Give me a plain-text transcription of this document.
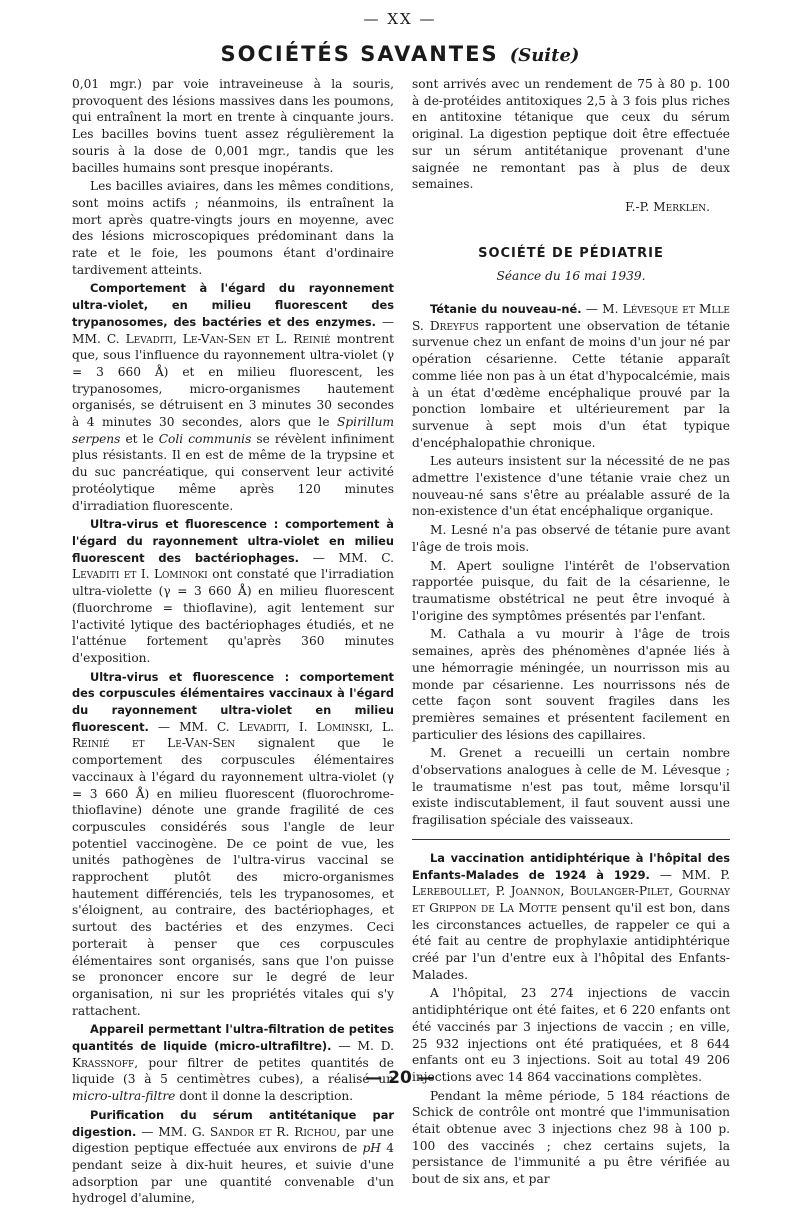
— XX —
SOCIÉTÉS SAVANTES (Suite)

0,01 mgr.) par voie intraveineuse à la souris, provoquent des lésions massives dans les poumons, qui entraînent la mort en trente à cinquante jours. Les bacilles bovins tuent assez régulièrement la souris à la dose de 0,001 mgr., tandis que les bacilles humains sont presque inopérants.

Les bacilles aviaires, dans les mêmes conditions, sont moins actifs ; néanmoins, ils entraînent la mort après quatre-vingts jours en moyenne, avec des lésions microscopiques prédominant dans la rate et le foie, les poumons étant d'ordinaire tardivement atteints.

Comportement à l'égard du rayonnement ultra-violet, en milieu fluorescent des trypanosomes, des bactéries et des enzymes. — MM. C. Levaditi, Le-Van-Sen et L. Reinié montrent que, sous l'influence du rayonnement ultra-violet (γ = 3 660 Å) et en milieu fluorescent, les trypanosomes, micro-organismes hautement organisés, se détruisent en 3 minutes 30 secondes à 4 minutes 30 secondes, alors que le Spirillum serpens et le Coli communis se révèlent infiniment plus résistants. Il en est de même de la trypsine et du suc pancréatique, qui conservent leur activité protéolytique même après 120 minutes d'irradiation fluorescente.

Ultra-virus et fluorescence : comportement à l'égard du rayonnement ultra-violet en milieu fluorescent des bactériophages. — MM. C. Levaditi et I. Lominoki ont constaté que l'irradiation ultra-violette (γ = 3 660 Å) en milieu fluorescent (fluorchrome = thioflavine), agit lentement sur l'activité lytique des bactériophages étudiés, et ne l'atténue fortement qu'après 360 minutes d'exposition.

Ultra-virus et fluorescence : comportement des corpuscules élémentaires vaccinaux à l'égard du rayonnement ultra-violet en milieu fluorescent. — MM. C. Levaditi, I. Lominski, L. Reinié et Le-Van-Sen signalent que le comportement des corpuscules élémentaires vaccinaux à l'égard du rayonnement ultra-violet (γ = 3 660 Å) en milieu fluorescent (fluorochrome-thioflavine) dénote une grande fragilité de ces corpuscules considérés sous l'angle de leur potentiel vaccinogène. De ce point de vue, les unités pathogènes de l'ultra-virus vaccinal se rapprochent plutôt des micro-organismes hautement différenciés, tels les trypanosomes, et s'éloignent, au contraire, des bactériophages, et surtout des bactéries et des enzymes. Ceci porterait à penser que ces corpuscules élémentaires sont organisés, sans que l'on puisse se prononcer encore sur le degré de leur organisation, ni sur les propriétés vitales qui s'y rattachent.

Appareil permettant l'ultra-filtration de petites quantités de liquide (micro-ultrafiltre). — M. D. Krassnoff, pour filtrer de petites quantités de liquide (3 à 5 centimètres cubes), a réalisé un micro-ultra-filtre dont il donne la description.

Purification du sérum antitétanique par digestion. — MM. G. Sandor et R. Richou, par une digestion peptique effectuée aux environs de pH 4 pendant seize à dix-huit heures, et suivie d'une adsorption par une quantité convenable d'un hydrogel d'alumine,

sont arrivés avec un rendement de 75 à 80 p. 100 à de-protéides antitoxiques 2,5 à 3 fois plus riches en antitoxine tétanique que ceux du sérum original. La digestion peptique doit être effectuée sur un sérum antitétanique provenant d'une saignée ne remontant pas à plus de deux semaines.

F.-P. Merklen.

SOCIÉTÉ DE PÉDIATRIE

Séance du 16 mai 1939.

Tétanie du nouveau-né. — M. Lévesque et Mlle S. Dreyfus rapportent une observation de tétanie survenue chez un enfant de moins d'un jour né par opération césarienne. Cette tétanie apparaît comme liée non pas à un état d'hypocalcémie, mais à un état d'œdème encéphalique prouvé par la ponction lombaire et ultérieurement par la survenue à sept mois d'un état typique d'encéphalopathie chronique.

Les auteurs insistent sur la nécessité de ne pas admettre l'existence d'une tétanie vraie chez un nouveau-né sans s'être au préalable assuré de la non-existence d'un état encéphalique organique.

M. Lesné n'a pas observé de tétanie pure avant l'âge de trois mois.

M. Apert souligne l'intérêt de l'observation rapportée puisque, du fait de la césarienne, le traumatisme obstétrical ne peut être invoqué à l'origine des symptômes présentés par l'enfant.

M. Cathala a vu mourir à l'âge de trois semaines, après des phénomènes d'apnée liés à une hémorragie méningée, un nourrisson mis au monde par césarienne. Les nourrissons nés de cette façon sont souvent fragiles dans les premières semaines et présentent facilement en particulier des lésions des capillaires.

M. Grenet a recueilli un certain nombre d'observations analogues à celle de M. Lévesque ; le traumatisme n'est pas tout, même lorsqu'il existe indiscutablement, il faut souvent aussi une fragilisation spéciale des vaisseaux.

La vaccination antidiphtérique à l'hôpital des Enfants-Malades de 1924 à 1929. — MM. P. Lereboullet, P. Joannon, Boulanger-Pilet, Gournay et Grippon de La Motte pensent qu'il est bon, dans les circonstances actuelles, de rappeler ce qui a été fait au centre de prophylaxie antidiphtérique créé par l'un d'entre eux à l'hôpital des Enfants-Malades.

A l'hôpital, 23 274 injections de vaccin antidiphtérique ont été faites, et 6 220 enfants ont été vaccinés par 3 injections de vaccin ; en ville, 25 932 injections ont été pratiquées, et 8 644 enfants ont eu 3 injections. Soit au total 49 206 injections avec 14 864 vaccinations complètes.

Pendant la même période, 5 184 réactions de Schick de contrôle ont montré que l'immunisation était obtenue avec 3 injections chez 98 à 100 p. 100 des vaccinés ; chez certains sujets, la persistance de l'immunité a pu être vérifiée au bout de six ans, et par

— 20 —
